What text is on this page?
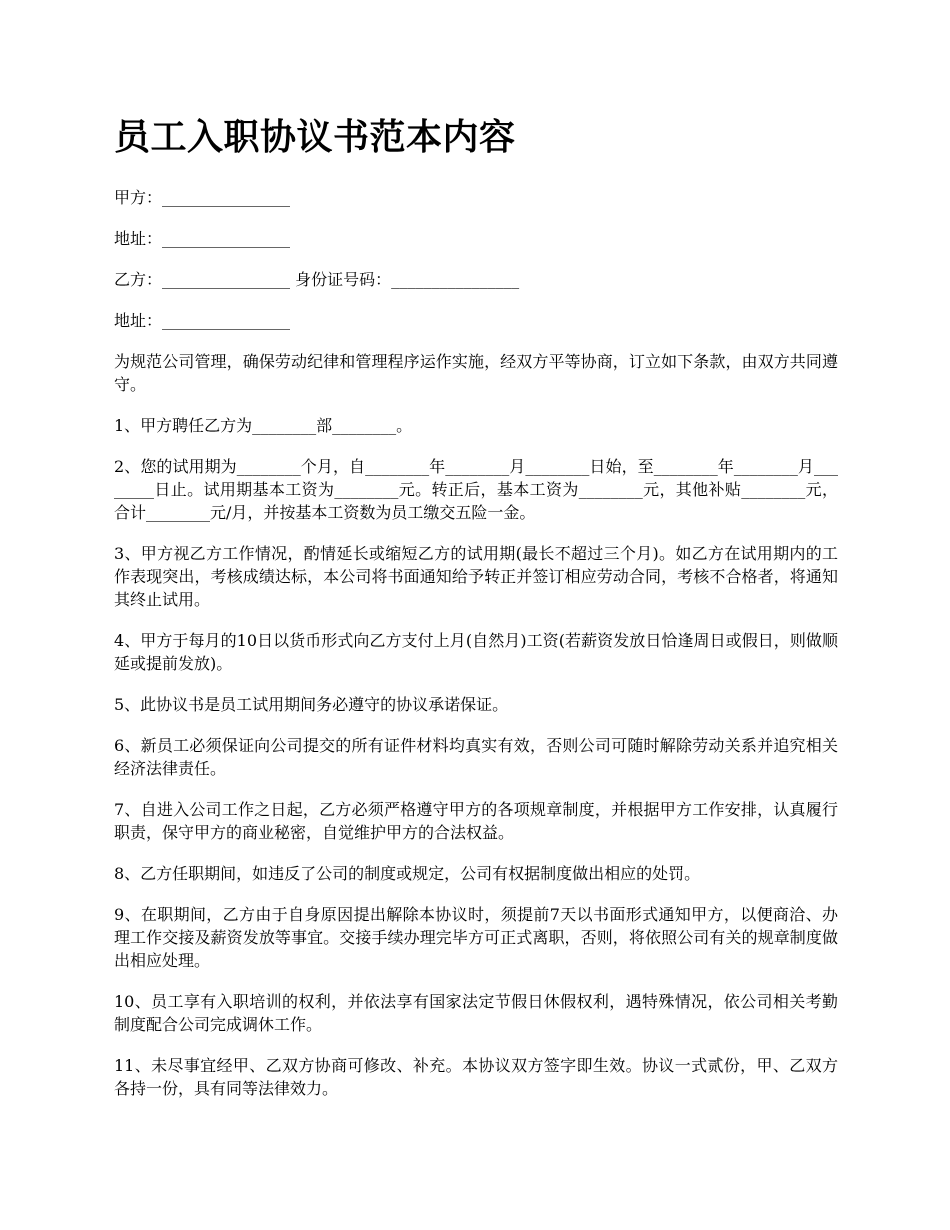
员工入职协议书范本内容
甲方：________________
地址：________________
乙方：________________ 身份证号码：________________
地址：________________
为规范公司管理，确保劳动纪律和管理程序运作实施，经双方平等协商，订立如下条款，由双方共同遵守。
1、甲方聘任乙方为________部________。
2、您的试用期为________个月，自________年________月________日始，至________年________月________日止。试用期基本工资为________元。转正后，基本工资为________元，其他补贴________元，合计________元/月，并按基本工资数为员工缴交五险一金。
3、甲方视乙方工作情况，酌情延长或缩短乙方的试用期(最长不超过三个月)。如乙方在试用期内的工作表现突出，考核成绩达标，本公司将书面通知给予转正并签订相应劳动合同，考核不合格者，将通知其终止试用。
4、甲方于每月的10日以货币形式向乙方支付上月(自然月)工资(若薪资发放日恰逢周日或假日，则做顺延或提前发放)。
5、此协议书是员工试用期间务必遵守的协议承诺保证。
6、新员工必须保证向公司提交的所有证件材料均真实有效，否则公司可随时解除劳动关系并追究相关经济法律责任。
7、自进入公司工作之日起，乙方必须严格遵守甲方的各项规章制度，并根据甲方工作安排，认真履行职责，保守甲方的商业秘密，自觉维护甲方的合法权益。
8、乙方任职期间，如违反了公司的制度或规定，公司有权据制度做出相应的处罚。
9、在职期间，乙方由于自身原因提出解除本协议时，须提前7天以书面形式通知甲方，以便商洽、办理工作交接及薪资发放等事宜。交接手续办理完毕方可正式离职，否则，将依照公司有关的规章制度做出相应处理。
10、员工享有入职培训的权利，并依法享有国家法定节假日休假权利，遇特殊情况，依公司相关考勤制度配合公司完成调休工作。
11、未尽事宜经甲、乙双方协商可修改、补充。本协议双方签字即生效。协议一式贰份，甲、乙双方各持一份，具有同等法律效力。
